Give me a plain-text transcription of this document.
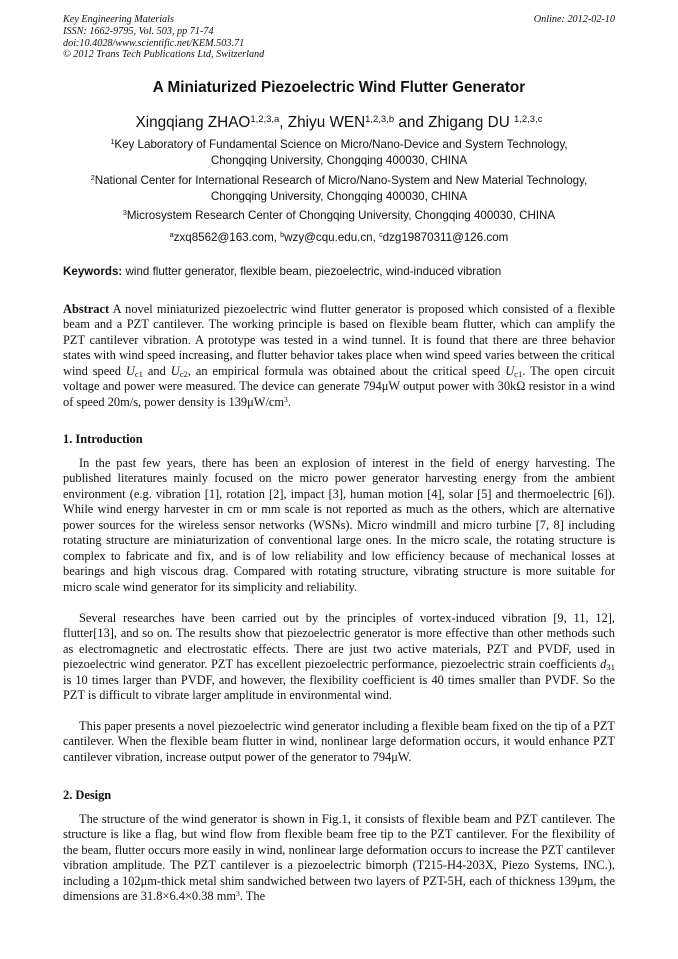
Key Engineering Materials
ISSN: 1662-9795, Vol. 503, pp 71-74
doi:10.4028/www.scientific.net/KEM.503.71
© 2012 Trans Tech Publications Ltd, Switzerland
Online: 2012-02-10
A Miniaturized Piezoelectric Wind Flutter Generator
Xingqiang ZHAO$^{1,2,3,a}$, Zhiyu WEN$^{1,2,3,b}$ and Zhigang DU $^{1,2,3,c}$
$^1$Key Laboratory of Fundamental Science on Micro/Nano-Device and System Technology,
Chongqing University, Chongqing 400030, CHINA
$^2$National Center for International Research of Micro/Nano-System and New Material Technology,
Chongqing University, Chongqing 400030, CHINA
$^3$Microsystem Research Center of Chongqing University, Chongqing 400030, CHINA
$^a$zxq8562@163.com, $^b$wzy@cqu.edu.cn, $^c$dzg19870311@126.com
Keywords: wind flutter generator, flexible beam, piezoelectric, wind-induced vibration
Abstract A novel miniaturized piezoelectric wind flutter generator is proposed which consisted of a flexible beam and a PZT cantilever. The working principle is based on flexible beam flutter, which can amplify the PZT cantilever vibration. A prototype was tested in a wind tunnel. It is found that there are three behavior states with wind speed increasing, and flutter behavior takes place when wind speed varies between the critical wind speed $U_{c1}$ and $U_{c2}$, an empirical formula was obtained about the critical speed $U_{c1}$. The open circuit voltage and power were measured. The device can generate 794μW output power with 30kΩ resistor in a wind of speed 20m/s, power density is $139\mu W/cm^3$.
1. Introduction
In the past few years, there has been an explosion of interest in the field of energy harvesting. The published literatures mainly focused on the micro power generator harvesting energy from the ambient environment (e.g. vibration [1], rotation [2], impact [3], human motion [4], solar [5] and thermoelectric [6]). While wind energy harvester in cm or mm scale is not reported as much as the others, which are alternative power sources for the wireless sensor networks (WSNs). Micro windmill and micro turbine [7, 8] including rotating structure are miniaturization of conventional large ones. In the micro scale, the rotating structure is complex to fabricate and fix, and is of low reliability and low efficiency because of mechanical losses at bearings and high viscous drag. Compared with rotating structure, vibrating structure is more suitable for micro scale wind generator for its simplicity and reliability.
Several researches have been carried out by the principles of vortex-induced vibration [9, 11, 12], flutter[13], and so on. The results show that piezoelectric generator is more effective than other methods such as electromagnetic and electrostatic effects. There are just two active materials, PZT and PVDF, used in piezoelectric wind generator. PZT has excellent piezoelectric performance, piezoelectric strain coefficients $d_{31}$ is 10 times larger than PVDF, and however, the flexibility coefficient is 40 times smaller than PVDF. So the PZT is difficult to vibrate larger amplitude in environmental wind.
This paper presents a novel piezoelectric wind generator including a flexible beam fixed on the tip of a PZT cantilever. When the flexible beam flutter in wind, nonlinear large deformation occurs, it would enhance PZT cantilever vibration, increase output power of the generator to 794μW.
2. Design
The structure of the wind generator is shown in Fig.1, it consists of flexible beam and PZT cantilever. The structure is like a flag, but wind flow from flexible beam free tip to the PZT cantilever. For the flexibility of the beam, flutter occurs more easily in wind, nonlinear large deformation occurs to increase the PZT cantilever vibration amplitude. The PZT cantilever is a piezoelectric bimorph (T215-H4-203X, Piezo Systems, INC.), including a 102μm-thick metal shim sandwiched between two layers of PZT-5H, each of thickness 139μm, the dimensions are 31.8×6.4×0.38 $mm^3$. The
